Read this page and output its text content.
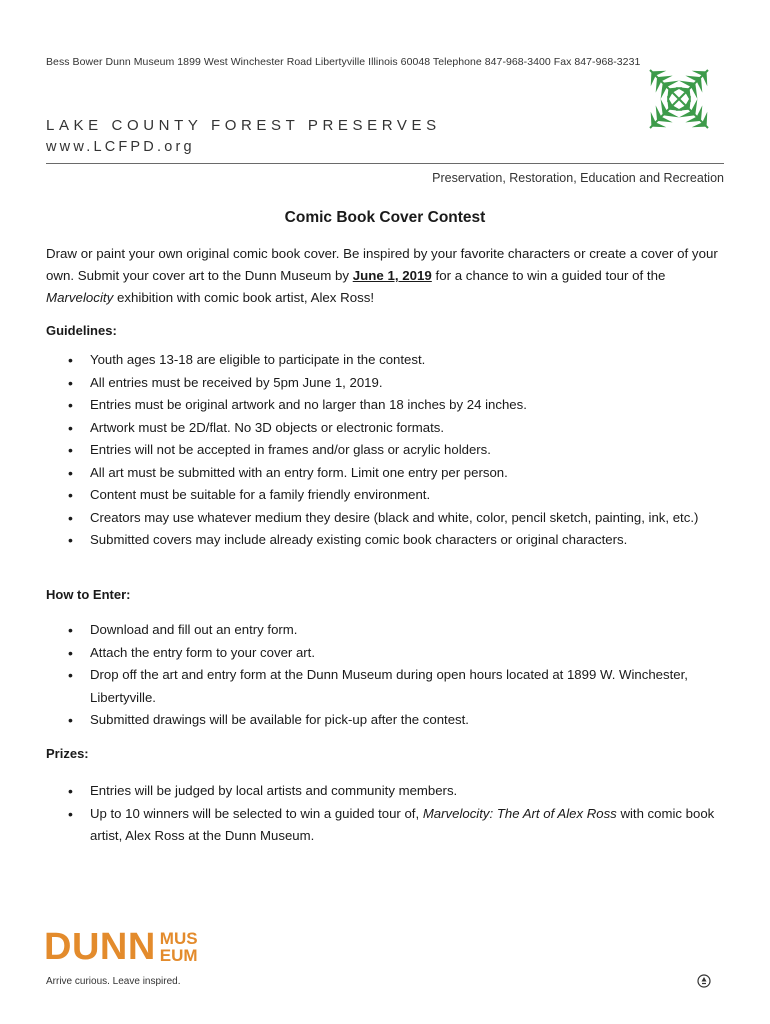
Bess Bower Dunn Museum 1899 West Winchester Road Libertyville Illinois 60048 Telephone 847-968-3400 Fax 847-968-3231
LAKE COUNTY FOREST PRESERVES
www.LCFPD.org
Preservation, Restoration, Education and Recreation
Comic Book Cover Contest
Draw or paint your own original comic book cover. Be inspired by your favorite characters or create a cover of your own. Submit your cover art to the Dunn Museum by June 1, 2019 for a chance to win a guided tour of the Marvelocity exhibition with comic book artist, Alex Ross!
Guidelines:
• Youth ages 13-18 are eligible to participate in the contest.
• All entries must be received by 5pm June 1, 2019.
• Entries must be original artwork and no larger than 18 inches by 24 inches.
• Artwork must be 2D/flat. No 3D objects or electronic formats.
• Entries will not be accepted in frames and/or glass or acrylic holders.
• All art must be submitted with an entry form. Limit one entry per person.
• Content must be suitable for a family friendly environment.
• Creators may use whatever medium they desire (black and white, color, pencil sketch, painting, ink, etc.)
• Submitted covers may include already existing comic book characters or original characters.
How to Enter:
• Download and fill out an entry form.
• Attach the entry form to your cover art.
• Drop off the art and entry form at the Dunn Museum during open hours located at 1899 W. Winchester, Libertyville.
• Submitted drawings will be available for pick-up after the contest.
Prizes:
• Entries will be judged by local artists and community members.
• Up to 10 winners will be selected to win a guided tour of, Marvelocity: The Art of Alex Ross with comic book artist, Alex Ross at the Dunn Museum.
DUNN MUS
EUM
Arrive curious. Leave inspired.
